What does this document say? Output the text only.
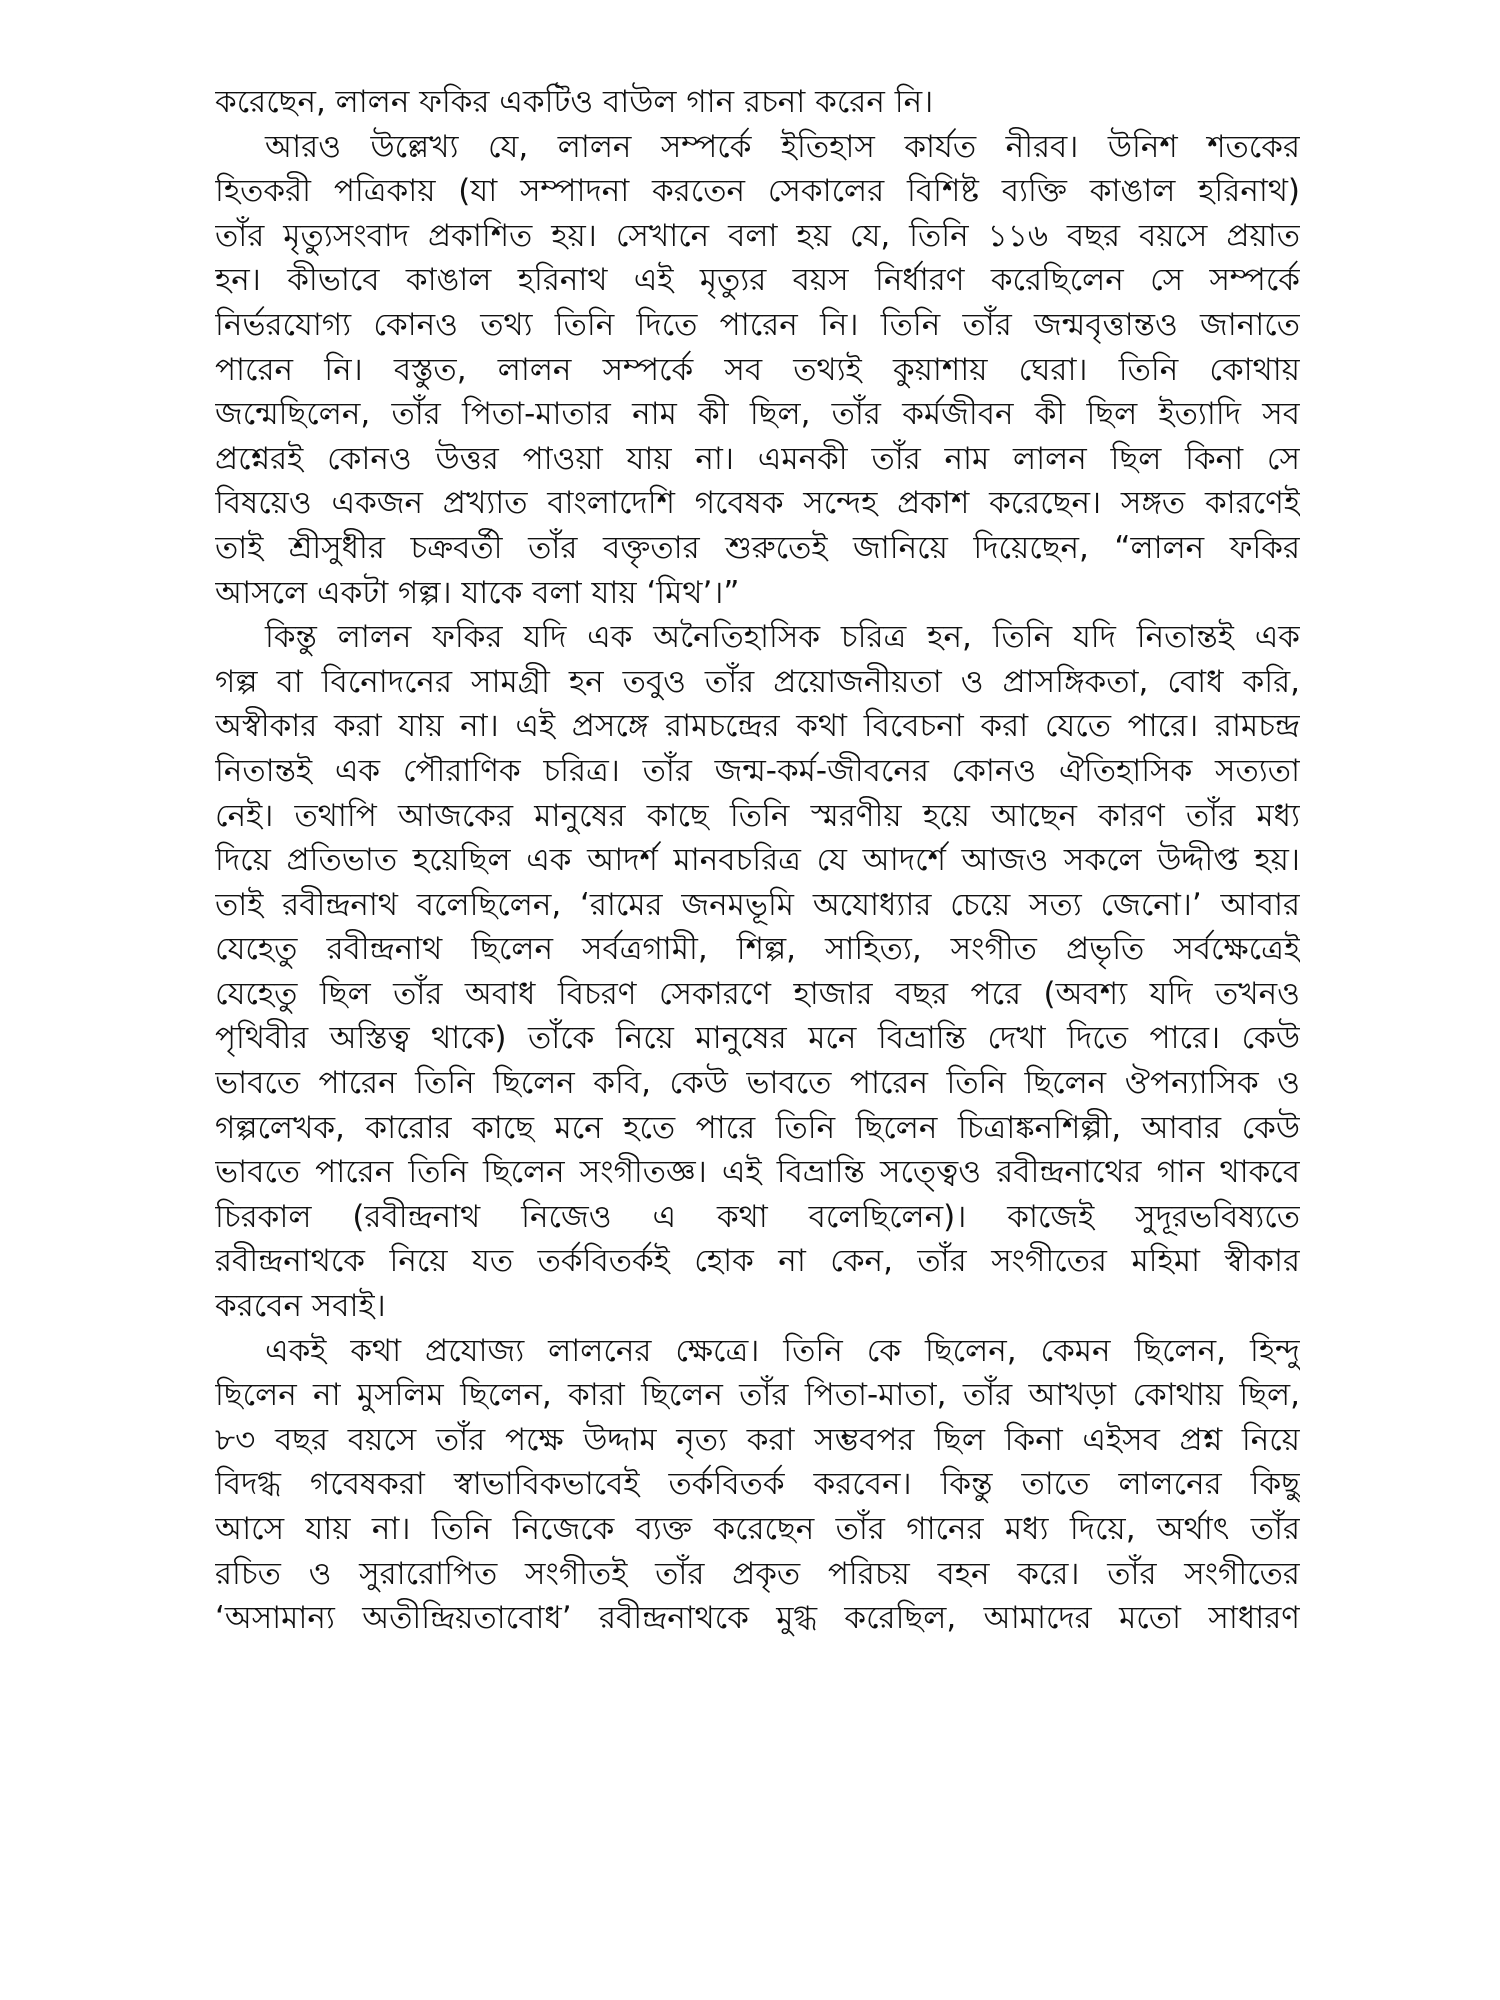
করেছেন, লালন ফকির একটিও বাউল গান রচনা করেন নি।
আরও উল্লেখ্য যে, লালন সম্পর্কে ইতিহাস কার্যত নীরব। উনিশ শতকের
হিতকরী পত্রিকায় (যা সম্পাদনা করতেন সেকালের বিশিষ্ট ব্যক্তি কাঙাল হরিনাথ)
তাঁর মৃত্যুসংবাদ প্রকাশিত হয়। সেখানে বলা হয় যে, তিনি ১১৬ বছর বয়সে প্রয়াত
হন। কীভাবে কাঙাল হরিনাথ এই মৃত্যুর বয়স নির্ধারণ করেছিলেন সে সম্পর্কে
নির্ভরযোগ্য কোনও তথ্য তিনি দিতে পারেন নি। তিনি তাঁর জন্মবৃত্তান্তও জানাতে
পারেন নি। বস্তুত, লালন সম্পর্কে সব তথ্যই কুয়াশায় ঘেরা। তিনি কোথায়
জন্মেছিলেন, তাঁর পিতা-মাতার নাম কী ছিল, তাঁর কর্মজীবন কী ছিল ইত্যাদি সব
প্রশ্নেরই কোনও উত্তর পাওয়া যায় না। এমনকী তাঁর নাম লালন ছিল কিনা সে
বিষয়েও একজন প্রখ্যাত বাংলাদেশি গবেষক সন্দেহ প্রকাশ করেছেন। সঙ্গত কারণেই
তাই শ্রীসুধীর চক্রবর্তী তাঁর বক্তৃতার শুরুতেই জানিয়ে দিয়েছেন, “লালন ফকির
আসলে একটা গল্প। যাকে বলা যায় ‘মিথ’।”
কিন্তু লালন ফকির যদি এক অনৈতিহাসিক চরিত্র হন, তিনি যদি নিতান্তই এক
গল্প বা বিনোদনের সামগ্রী হন তবুও তাঁর প্রয়োজনীয়তা ও প্রাসঙ্গিকতা, বোধ করি,
অস্বীকার করা যায় না। এই প্রসঙ্গে রামচন্দ্রের কথা বিবেচনা করা যেতে পারে। রামচন্দ্র
নিতান্তই এক পৌরাণিক চরিত্র। তাঁর জন্ম-কর্ম-জীবনের কোনও ঐতিহাসিক সত্যতা
নেই। তথাপি আজকের মানুষের কাছে তিনি স্মরণীয় হয়ে আছেন কারণ তাঁর মধ্য
দিয়ে প্রতিভাত হয়েছিল এক আদর্শ মানবচরিত্র যে আদর্শে আজও সকলে উদ্দীপ্ত হয়।
তাই রবীন্দ্রনাথ বলেছিলেন, ‘রামের জনমভূমি অযোধ্যার চেয়ে সত্য জেনো।’ আবার
যেহেতু রবীন্দ্রনাথ ছিলেন সর্বত্রগামী, শিল্প, সাহিত্য, সংগীত প্রভৃতি সর্বক্ষেত্রেই
যেহেতু ছিল তাঁর অবাধ বিচরণ সেকারণে হাজার বছর পরে (অবশ্য যদি তখনও
পৃথিবীর অস্তিত্ব থাকে) তাঁকে নিয়ে মানুষের মনে বিভ্রান্তি দেখা দিতে পারে। কেউ
ভাবতে পারেন তিনি ছিলেন কবি, কেউ ভাবতে পারেন তিনি ছিলেন ঔপন্যাসিক ও
গল্পলেখক, কারোর কাছে মনে হতে পারে তিনি ছিলেন চিত্রাঙ্কনশিল্পী, আবার কেউ
ভাবতে পারেন তিনি ছিলেন সংগীতজ্ঞ। এই বিভ্রান্তি সত্ত্বেও রবীন্দ্রনাথের গান থাকবে
চিরকাল (রবীন্দ্রনাথ নিজেও এ কথা বলেছিলেন)। কাজেই সুদূরভবিষ্যতে
রবীন্দ্রনাথকে নিয়ে যত তর্কবিতর্কই হোক না কেন, তাঁর সংগীতের মহিমা স্বীকার
করবেন সবাই।
একই কথা প্রযোজ্য লালনের ক্ষেত্রে। তিনি কে ছিলেন, কেমন ছিলেন, হিন্দু
ছিলেন না মুসলিম ছিলেন, কারা ছিলেন তাঁর পিতা-মাতা, তাঁর আখড়া কোথায় ছিল,
৮৩ বছর বয়সে তাঁর পক্ষে উদ্দাম নৃত্য করা সম্ভবপর ছিল কিনা এইসব প্রশ্ন নিয়ে
বিদগ্ধ গবেষকরা স্বাভাবিকভাবেই তর্কবিতর্ক করবেন। কিন্তু তাতে লালনের কিছু
আসে যায় না। তিনি নিজেকে ব্যক্ত করেছেন তাঁর গানের মধ্য দিয়ে, অর্থাৎ তাঁর
রচিত ও সুরারোপিত সংগীতই তাঁর প্রকৃত পরিচয় বহন করে। তাঁর সংগীতের
‘অসামান্য অতীন্দ্রিয়তাবোধ’ রবীন্দ্রনাথকে মুগ্ধ করেছিল, আমাদের মতো সাধারণ
